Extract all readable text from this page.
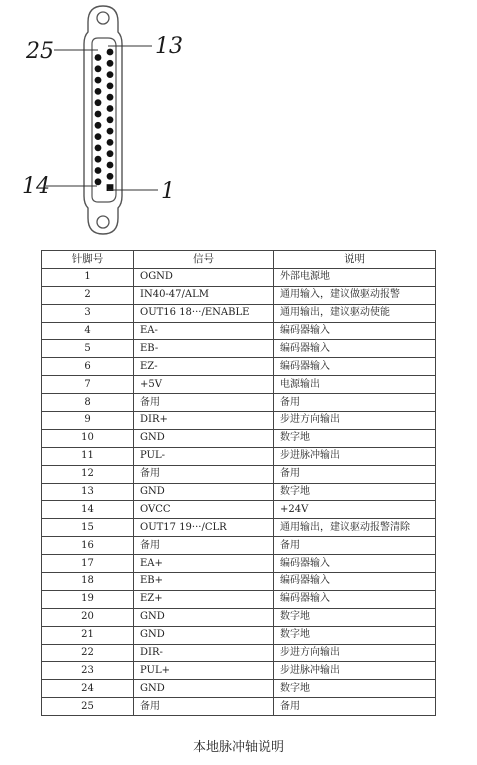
25	13
14	1
针脚号	信号	说明
1	OGND	外部电源地
2	IN40-47/ALM	通用输入，建议做驱动报警
3	OUT16 18···/ENABLE	通用输出，建议驱动使能
4	EA-	编码器输入
5	EB-	编码器输入
6	EZ-	编码器输入
7	+5V	电源输出
8	备用	备用
9	DIR+	步进方向输出
10	GND	数字地
11	PUL-	步进脉冲输出
12	备用	备用
13	GND	数字地
14	OVCC	+24V
15	OUT17 19···/CLR	通用输出，建议驱动报警清除
16	备用	备用
17	EA+	编码器输入
18	EB+	编码器输入
19	EZ+	编码器输入
20	GND	数字地
21	GND	数字地
22	DIR-	步进方向输出
23	PUL+	步进脉冲输出
24	GND	数字地
25	备用	备用
本地脉冲轴说明
